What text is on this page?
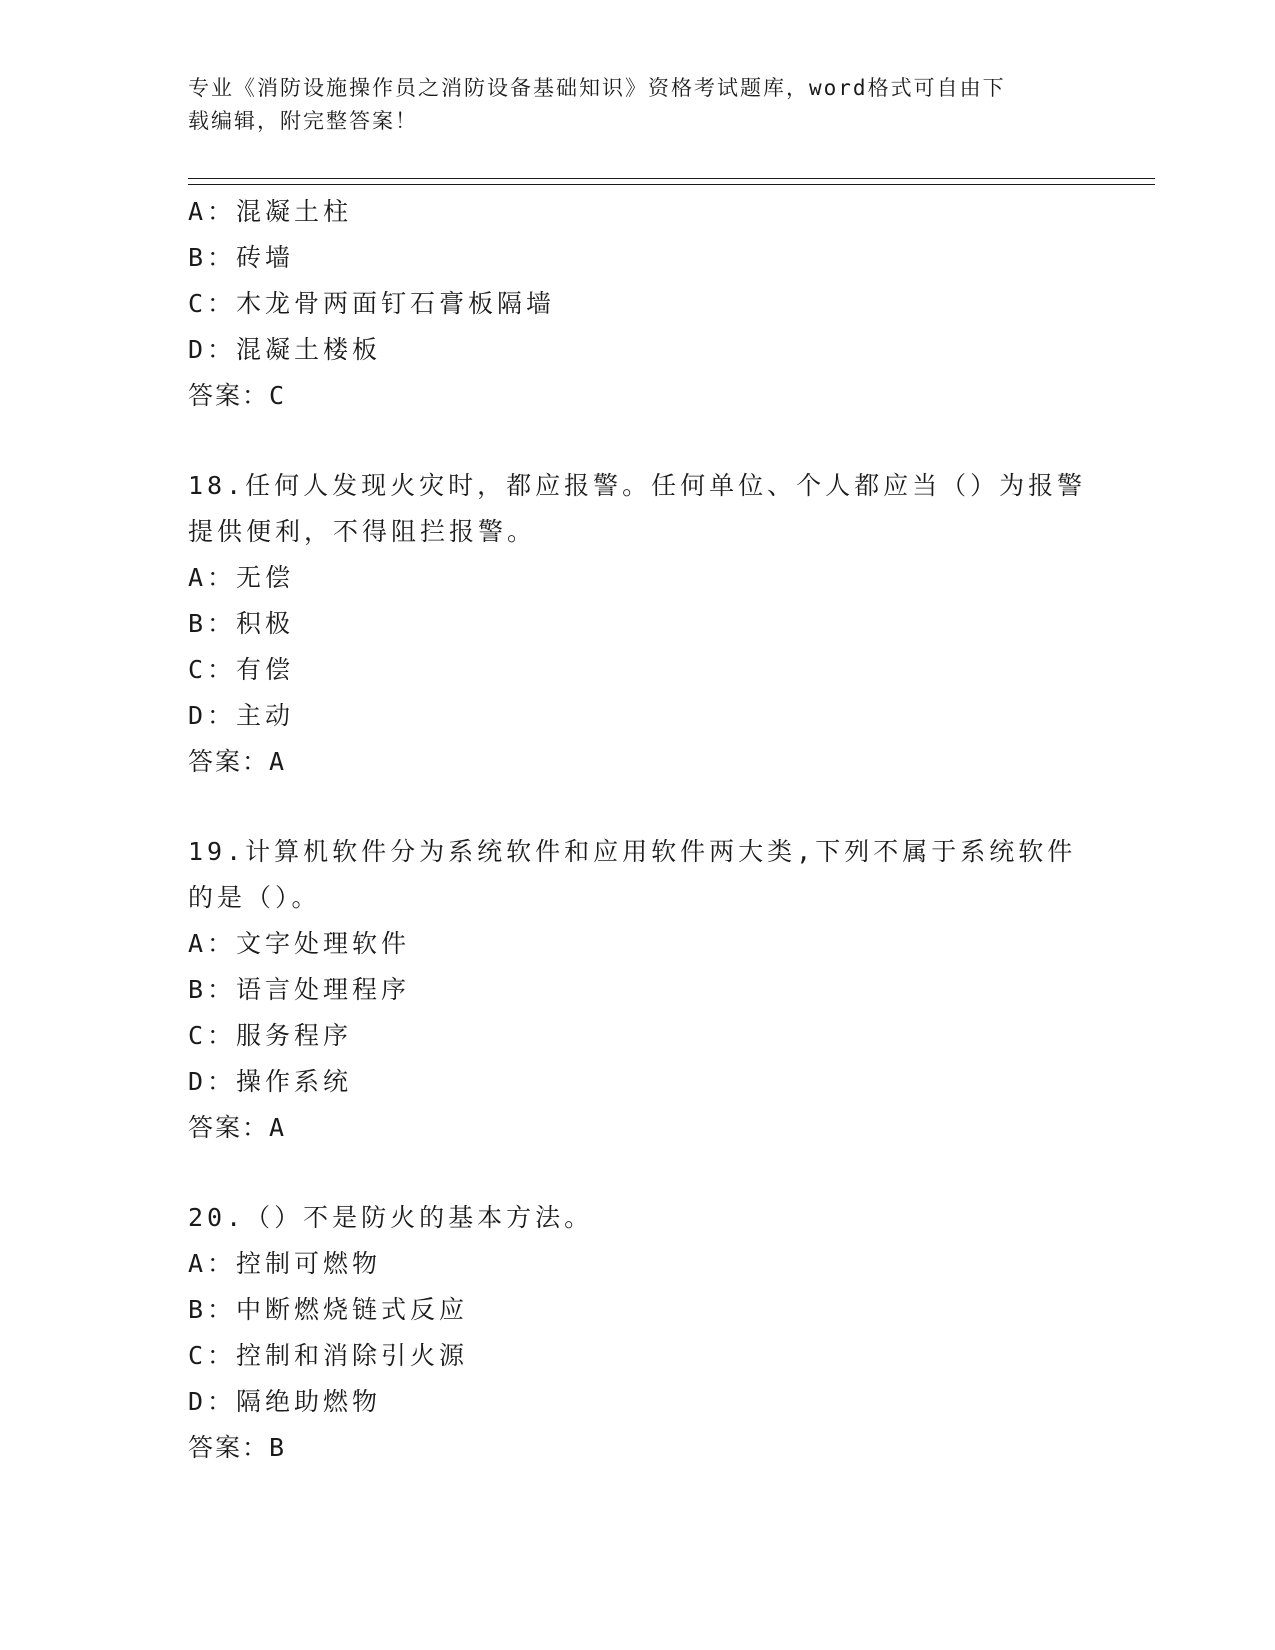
专业《消防设施操作员之消防设备基础知识》资格考试题库，word格式可自由下
载编辑，附完整答案！
A：混凝土柱
B：砖墙
C：木龙骨两面钉石膏板隔墙
D：混凝土楼板
答案：C
18.任何人发现火灾时，都应报警。任何单位、个人都应当（）为报警
提供便利，不得阻拦报警。
A：无偿
B：积极
C：有偿
D：主动
答案：A
19.计算机软件分为系统软件和应用软件两大类,下列不属于系统软件
的是（）。
A：文字处理软件
B：语言处理程序
C：服务程序
D：操作系统
答案：A
20.（）不是防火的基本方法。
A：控制可燃物
B：中断燃烧链式反应
C：控制和消除引火源
D：隔绝助燃物
答案：B
